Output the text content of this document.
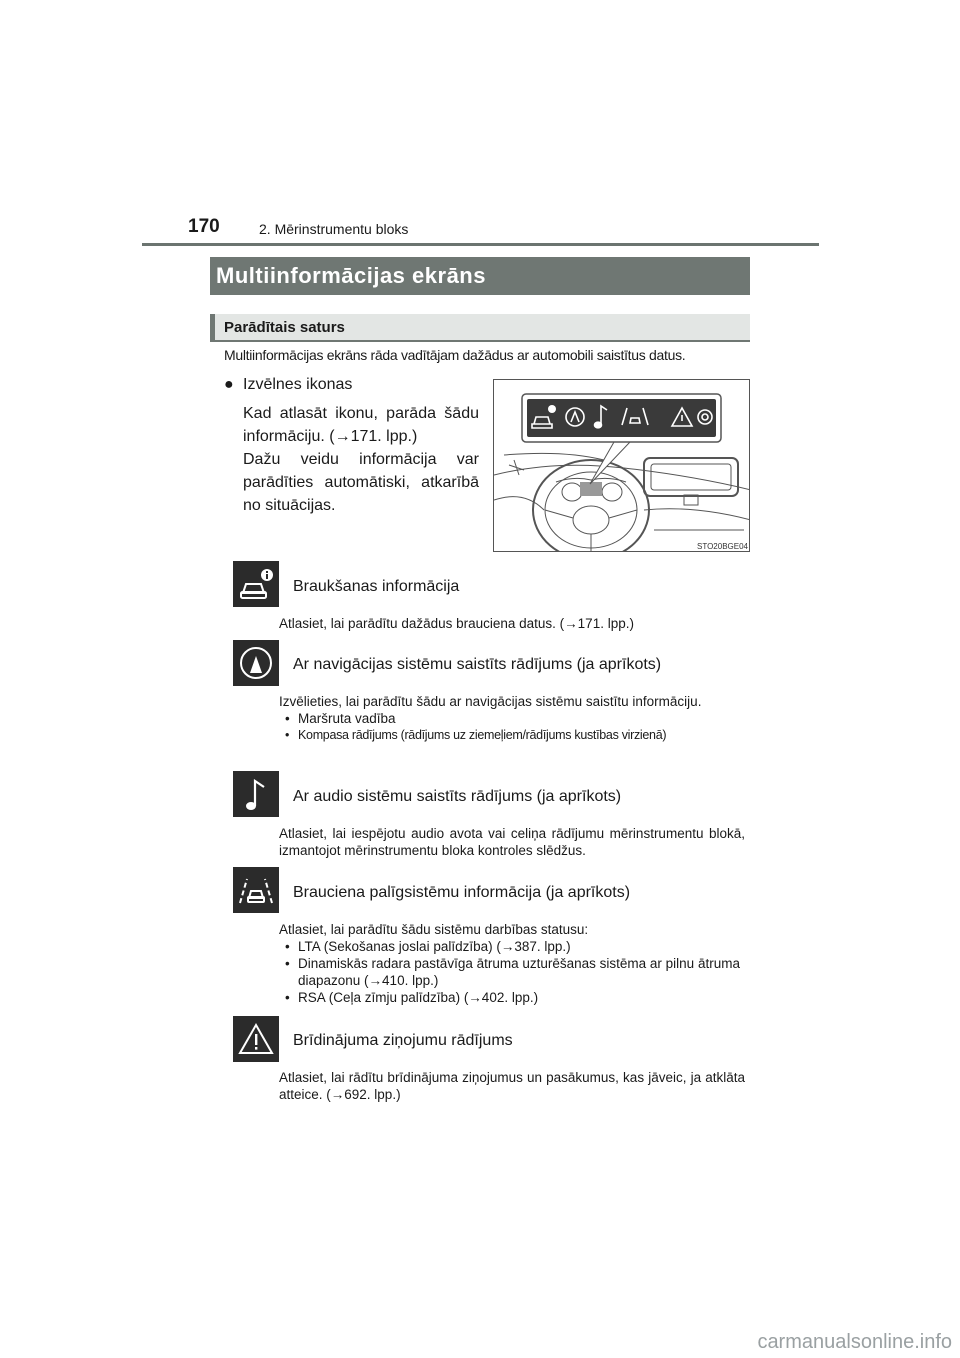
170	2. Mērinstrumentu bloks
Multiinformācijas ekrāns
Parādītais saturs
Multiinformācijas ekrāns rāda vadītājam dažādus ar automobili saistītus datus.
● Izvēlnes ikonas

Kad atlasāt ikonu, parāda šādu informāciju. (→171. lpp.)

Dažu veidu informācija var parādīties automātiski, atkarībā no situācijas.

STO20BGE04
Braukšanas informācija

Atlasiet, lai parādītu dažādus brauciena datus. (→171. lpp.)

Ar navigācijas sistēmu saistīts rādījums (ja aprīkots)

Izvēlieties, lai parādītu šādu ar navigācijas sistēmu saistītu informāciju.

• Maršruta vadība
• Kompasa rādījums (rādījums uz ziemeļiem/rādījums kustības virzienā)
Ar audio sistēmu saistīts rādījums (ja aprīkots)

Atlasiet, lai iespējotu audio avota vai celiņa rādījumu mērinstrumentu blokā, izmantojot mērinstrumentu bloka kontroles slēdžus.

Brauciena palīgsistēmu informācija (ja aprīkots)

Atlasiet, lai parādītu šādu sistēmu darbības statusu:

• LTA (Sekošanas joslai palīdzība) (→387. lpp.)
• Dinamiskās radara pastāvīga ātruma uzturēšanas sistēma ar pilnu ātruma diapazonu (→410. lpp.)
• RSA (Ceļa zīmju palīdzība) (→402. lpp.)
Brīdinājuma ziņojumu rādījums

Atlasiet, lai rādītu brīdinājuma ziņojumus un pasākumus, kas jāveic, ja atklāta atteice. (→692. lpp.)

carmanualsonline.info
